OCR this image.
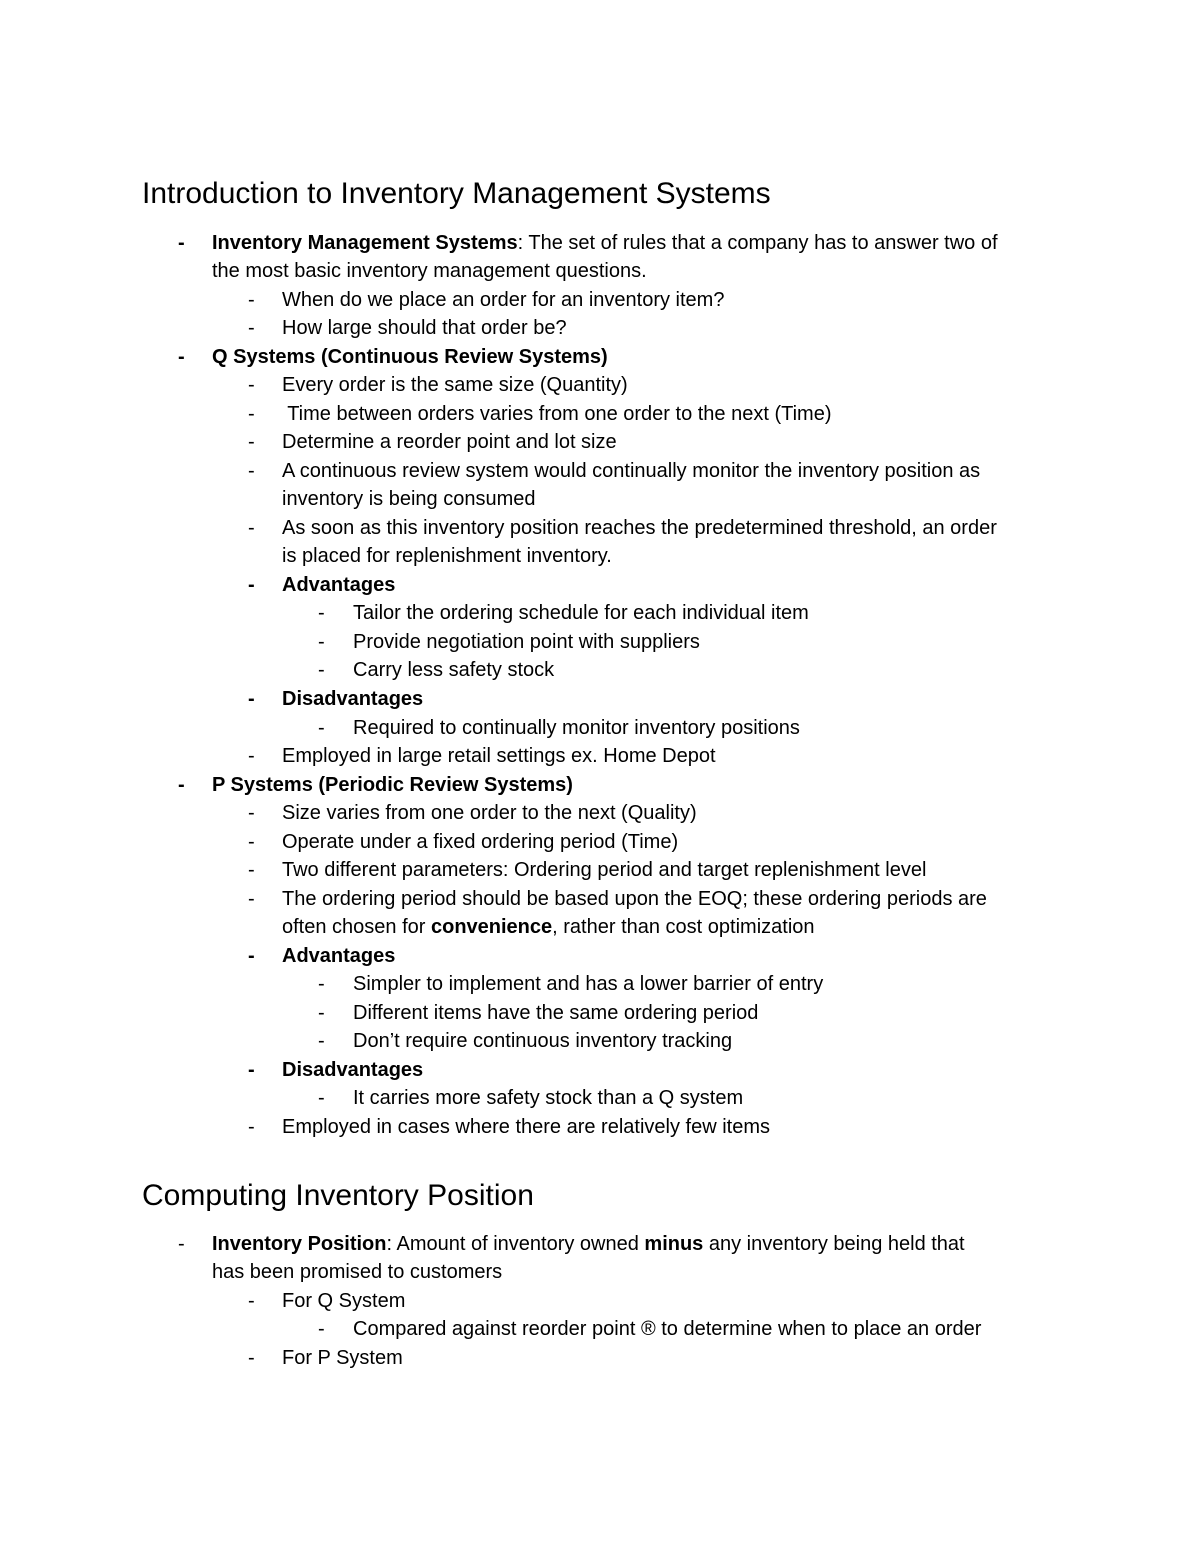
Introduction to Inventory Management Systems
- Inventory Management Systems: The set of rules that a company has to answer two of
the most basic inventory management questions.
- When do we place an order for an inventory item?
- How large should that order be?
- Q Systems (Continuous Review Systems)
- Every order is the same size (Quantity)
- Time between orders varies from one order to the next (Time)
- Determine a reorder point and lot size
- A continuous review system would continually monitor the inventory position as
inventory is being consumed
- As soon as this inventory position reaches the predetermined threshold, an order
is placed for replenishment inventory.
- Advantages
- Tailor the ordering schedule for each individual item
- Provide negotiation point with suppliers
- Carry less safety stock
- Disadvantages
- Required to continually monitor inventory positions
- Employed in large retail settings ex. Home Depot
- P Systems (Periodic Review Systems)
- Size varies from one order to the next (Quality)
- Operate under a fixed ordering period (Time)
- Two different parameters: Ordering period and target replenishment level
- The ordering period should be based upon the EOQ; these ordering periods are
often chosen for convenience, rather than cost optimization
- Advantages
- Simpler to implement and has a lower barrier of entry
- Different items have the same ordering period
- Don’t require continuous inventory tracking
- Disadvantages
- It carries more safety stock than a Q system
- Employed in cases where there are relatively few items
Computing Inventory Position
- Inventory Position: Amount of inventory owned minus any inventory being held that
has been promised to customers
- For Q System
- Compared against reorder point ® to determine when to place an order
- For P System
